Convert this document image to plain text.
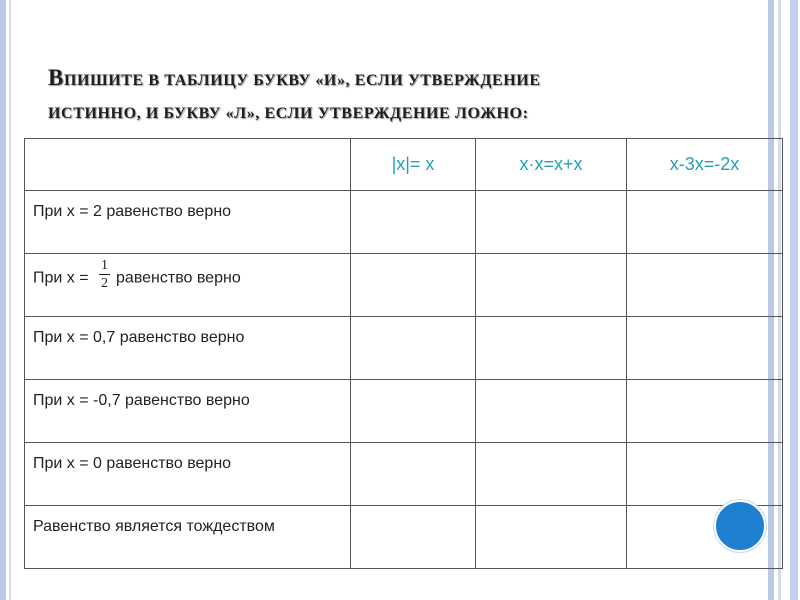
ВПИШИТЕ В ТАБЛИЦУ БУКВУ «И», ЕСЛИ УТВЕРЖДЕНИЕ
ИСТИННО, И БУКВУ «Л», ЕСЛИ УТВЕРЖДЕНИЕ ЛОЖНО:
	|x|= x	x·x=x+x	x-3x=-2x
При x = 2 равенство верно			
При $x = \frac{1}{2}$ равенство верно			
При x = 0,7 равенство верно			
При x = -0,7 равенство верно			
При x = 0 равенство верно			
Равенство является тождеством			
